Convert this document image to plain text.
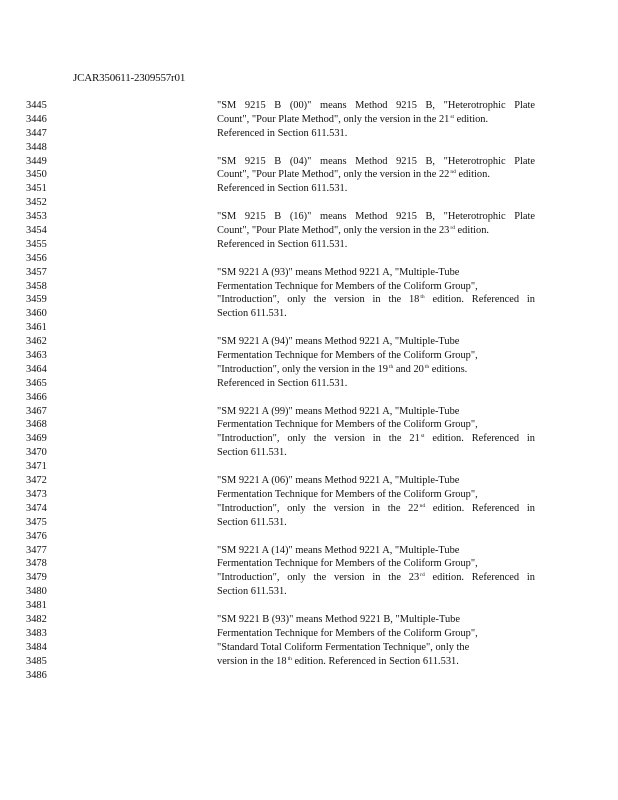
JCAR350611-2309557r01
3445	"SM 9215 B (00)" means Method 9215 B, "Heterotrophic Plate
3446	Count", "Pour Plate Method", only the version in the 21st edition.
3447	Referenced in Section 611.531.
3448
3449	"SM 9215 B (04)" means Method 9215 B, "Heterotrophic Plate
3450	Count", "Pour Plate Method", only the version in the 22nd edition.
3451	Referenced in Section 611.531.
3452
3453	"SM 9215 B (16)" means Method 9215 B, "Heterotrophic Plate
3454	Count", "Pour Plate Method", only the version in the 23rd edition.
3455	Referenced in Section 611.531.
3456
3457	"SM 9221 A (93)" means Method 9221 A, "Multiple-Tube
3458	Fermentation Technique for Members of the Coliform Group",
3459	"Introduction", only the version in the 18th edition. Referenced in
3460	Section 611.531.
3461
3462	"SM 9221 A (94)" means Method 9221 A, "Multiple-Tube
3463	Fermentation Technique for Members of the Coliform Group",
3464	"Introduction", only the version in the 19th and 20th editions.
3465	Referenced in Section 611.531.
3466
3467	"SM 9221 A (99)" means Method 9221 A, "Multiple-Tube
3468	Fermentation Technique for Members of the Coliform Group",
3469	"Introduction", only the version in the 21st edition. Referenced in
3470	Section 611.531.
3471
3472	"SM 9221 A (06)" means Method 9221 A, "Multiple-Tube
3473	Fermentation Technique for Members of the Coliform Group",
3474	"Introduction", only the version in the 22nd edition. Referenced in
3475	Section 611.531.
3476
3477	"SM 9221 A (14)" means Method 9221 A, "Multiple-Tube
3478	Fermentation Technique for Members of the Coliform Group",
3479	"Introduction", only the version in the 23rd edition. Referenced in
3480	Section 611.531.
3481
3482	"SM 9221 B (93)" means Method 9221 B, "Multiple-Tube
3483	Fermentation Technique for Members of the Coliform Group",
3484	"Standard Total Coliform Fermentation Technique", only the
3485	version in the 18th edition. Referenced in Section 611.531.
3486
